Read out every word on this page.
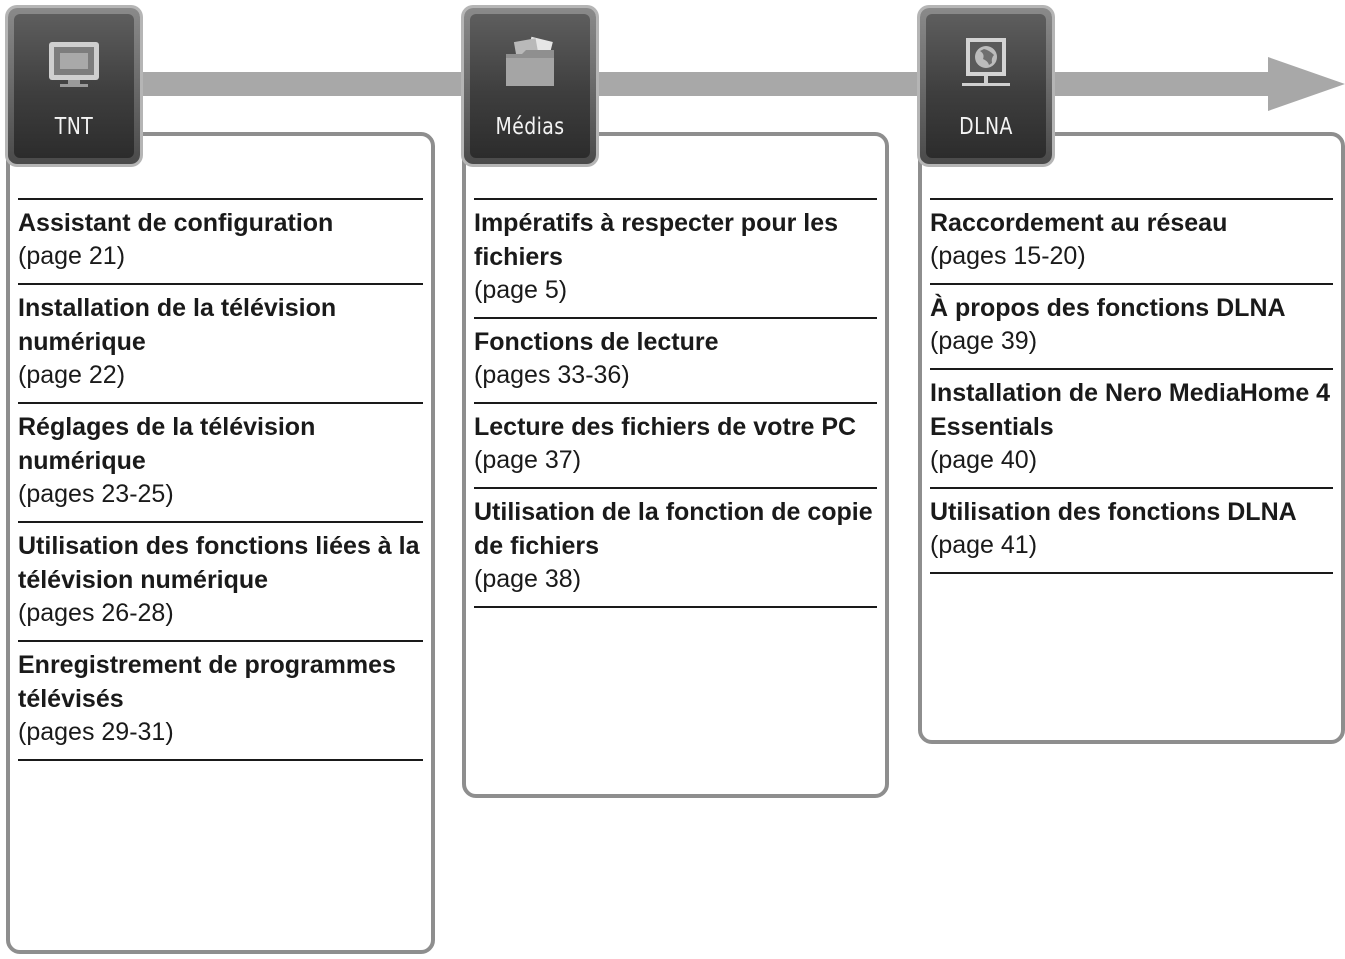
Assistant de configuration
(page 21)
Installation de la télévision numérique
(page 22)
Réglages de la télévision numérique
(pages 23-25)
Utilisation des fonctions liées à la télévision numérique
(pages 26-28)
Enregistrement de programmes télévisés
(pages 29-31)
Impératifs à respecter pour les fichiers
(page 5)
Fonctions de lecture
(pages 33-36)
Lecture des fichiers de votre PC
(page 37)
Utilisation de la fonction de copie de fichiers
(page 38)
Raccordement au réseau
(pages 15-20)
À propos des fonctions DLNA
(page 39)
Installation de Nero MediaHome 4 Essentials
(page 40)
Utilisation des fonctions DLNA
(page 41)
TNT	Médias	DLNA
